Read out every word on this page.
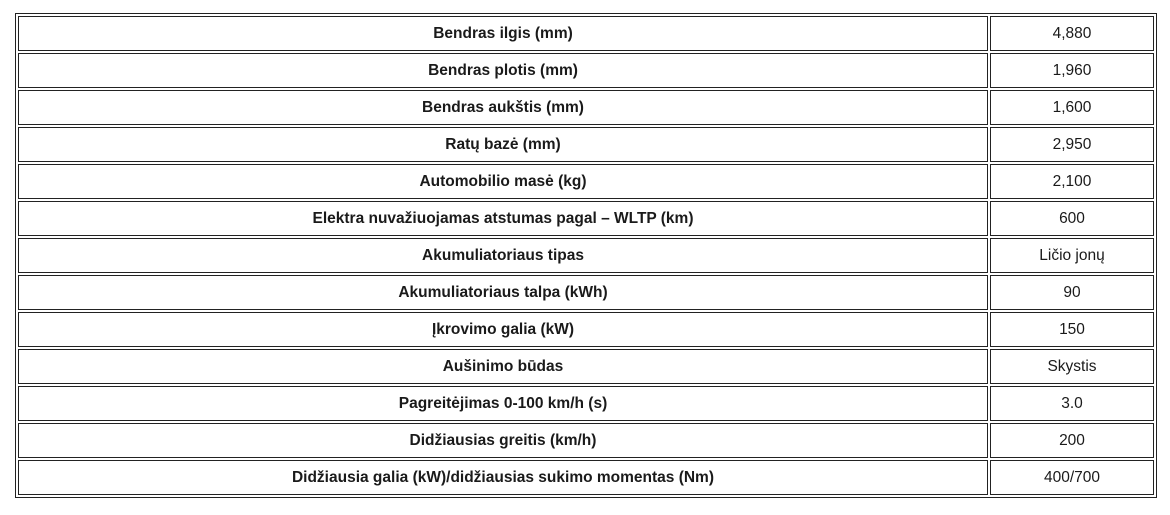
Bendras ilgis (mm)	4,880
Bendras plotis (mm)	1,960
Bendras aukštis (mm)	1,600
Ratų bazė (mm)	2,950
Automobilio masė (kg)	2,100
Elektra nuvažiuojamas atstumas pagal – WLTP (km)	600
Akumuliatoriaus tipas	Ličio jonų
Akumuliatoriaus talpa (kWh)	90
Įkrovimo galia (kW)	150
Aušinimo būdas	Skystis
Pagreitėjimas 0-100 km/h (s)	3.0
Didžiausias greitis (km/h)	200
Didžiausia galia (kW)/didžiausias sukimo momentas (Nm)	400/700
